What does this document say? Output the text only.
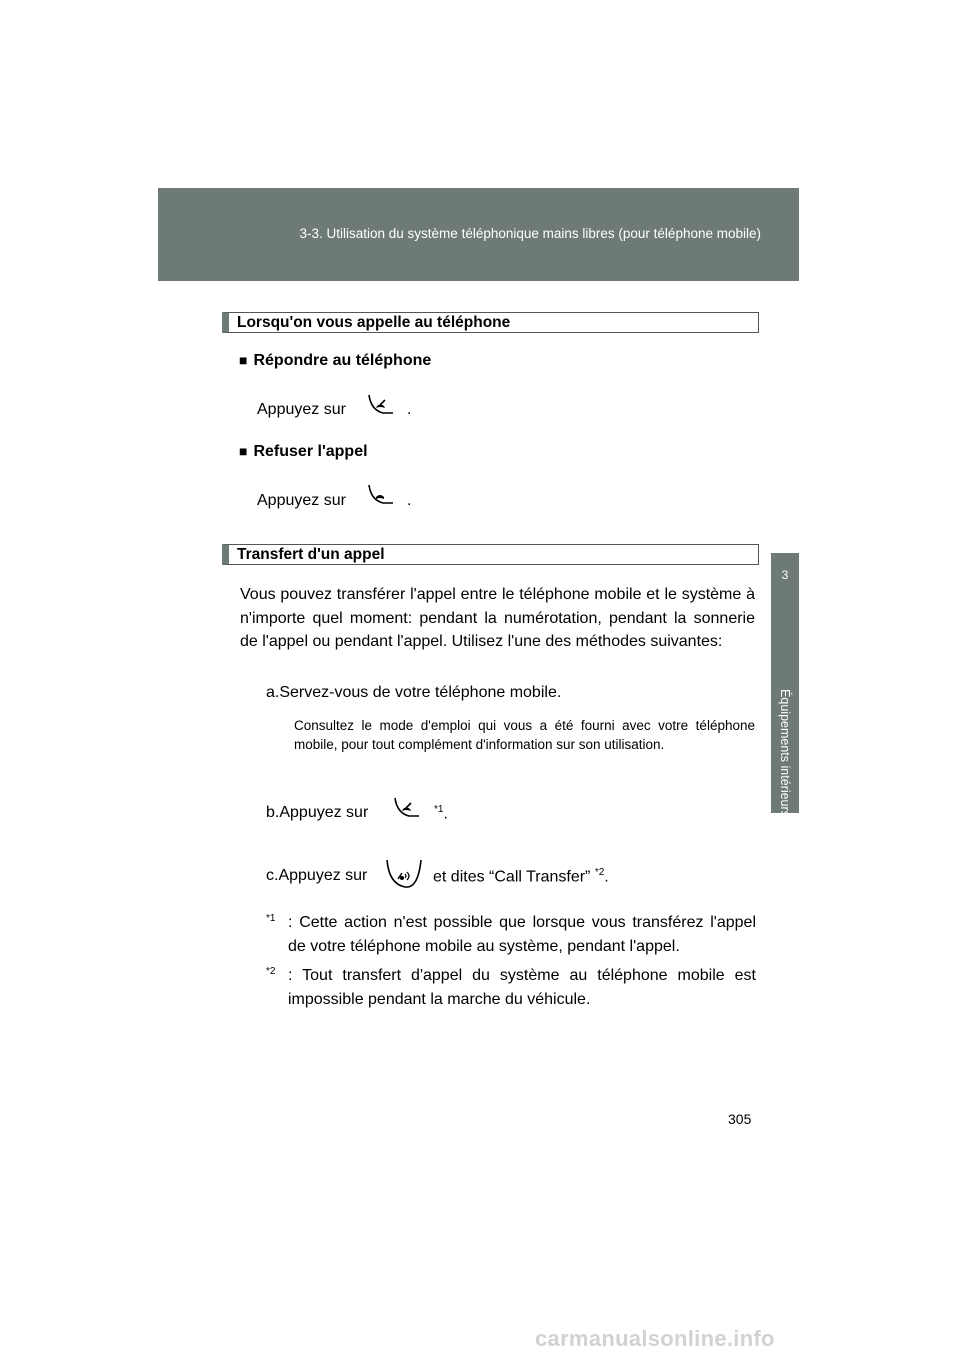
3-3. Utilisation du système téléphonique mains libres (pour téléphone mobile)
3
Équipements intérieurs
Lorsqu'on vous appelle au téléphone
■ Répondre au téléphone
Appuyez sur	.
■ Refuser l'appel
Appuyez sur	.
Transfert d'un appel
Vous pouvez transférer l'appel entre le téléphone mobile et le système à n'importe quel moment: pendant la numérotation, pendant la sonnerie de l'appel ou pendant l'appel. Utilisez l'une des méthodes suivantes:
a.Servez-vous de votre téléphone mobile.
Consultez le mode d'emploi qui vous a été fourni avec votre téléphone mobile, pour tout complément d'information sur son utilisation.
b.Appuyez sur	$^{*1}$.
c.Appuyez sur	et dites “Call Transfer” $^{*2}$.
$^{*1}$ : Cette action n'est possible que lorsque vous transférez l'appel de votre téléphone mobile au système, pendant l'appel.
$^{*2}$ : Tout transfert d'appel du système au téléphone mobile est impossible pendant la marche du véhicule.
305
carmanualsonline.info
